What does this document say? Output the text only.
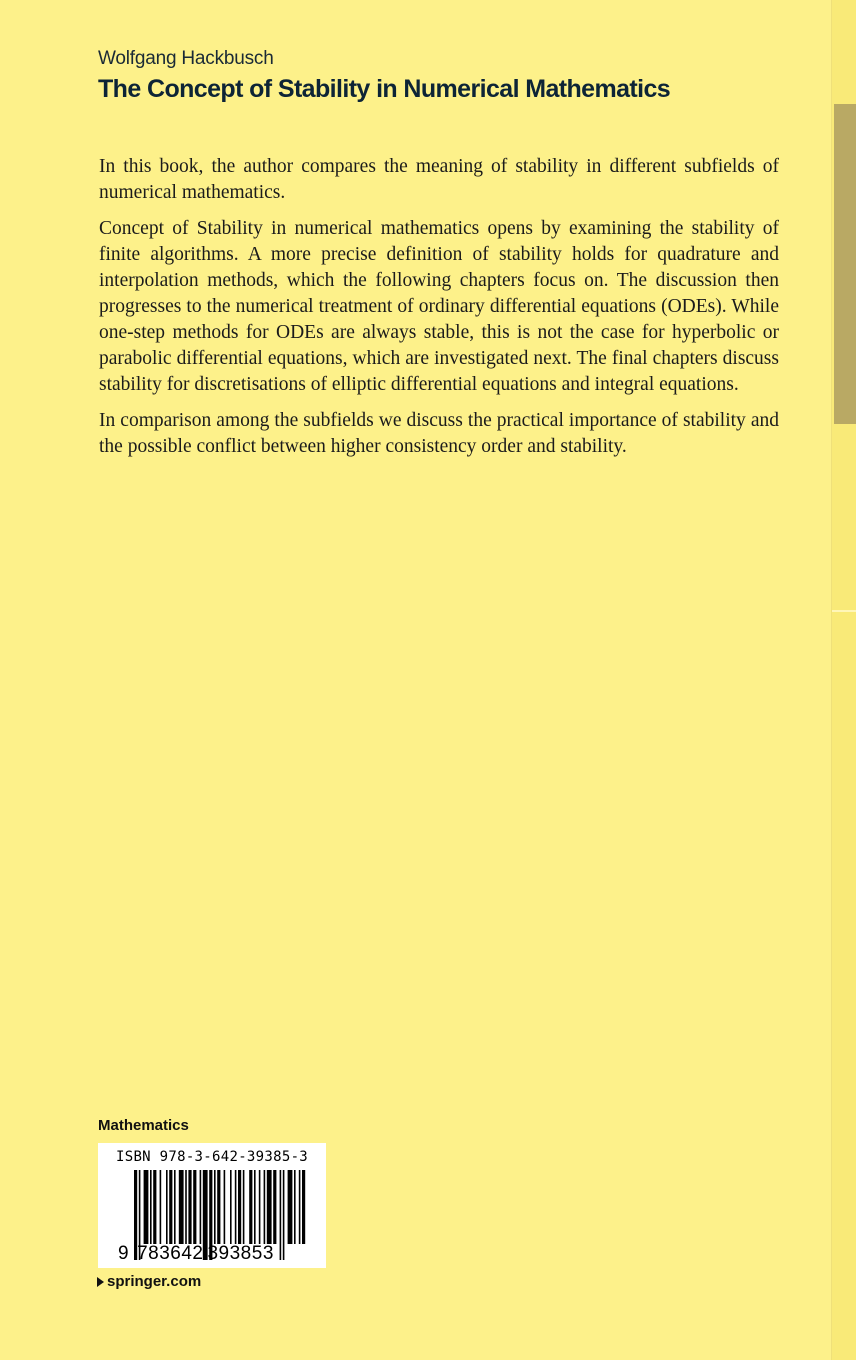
Wolfgang Hackbusch
The Concept of Stability in Numerical Mathematics

In this book, the author compares the meaning of stability in different subfields of numerical mathematics.

Concept of Stability in numerical mathematics opens by examining the stability of finite algorithms. A more precise definition of stability holds for quadrature and interpolation methods, which the following chapters focus on. The discussion then progresses to the numerical treatment of ordinary differential equations (ODEs). While one-step methods for ODEs are always stable, this is not the case for hyperbolic or parabolic differential equations, which are investigated next. The final chapters discuss stability for discretisations of elliptic differential equations and integral equations.

In comparison among the subfields we discuss the practical importance of stability and the possible conflict between higher consistency order and stability.

Mathematics
ISBN 978-3-642-39385-3
9 783642 393853
springer.com
